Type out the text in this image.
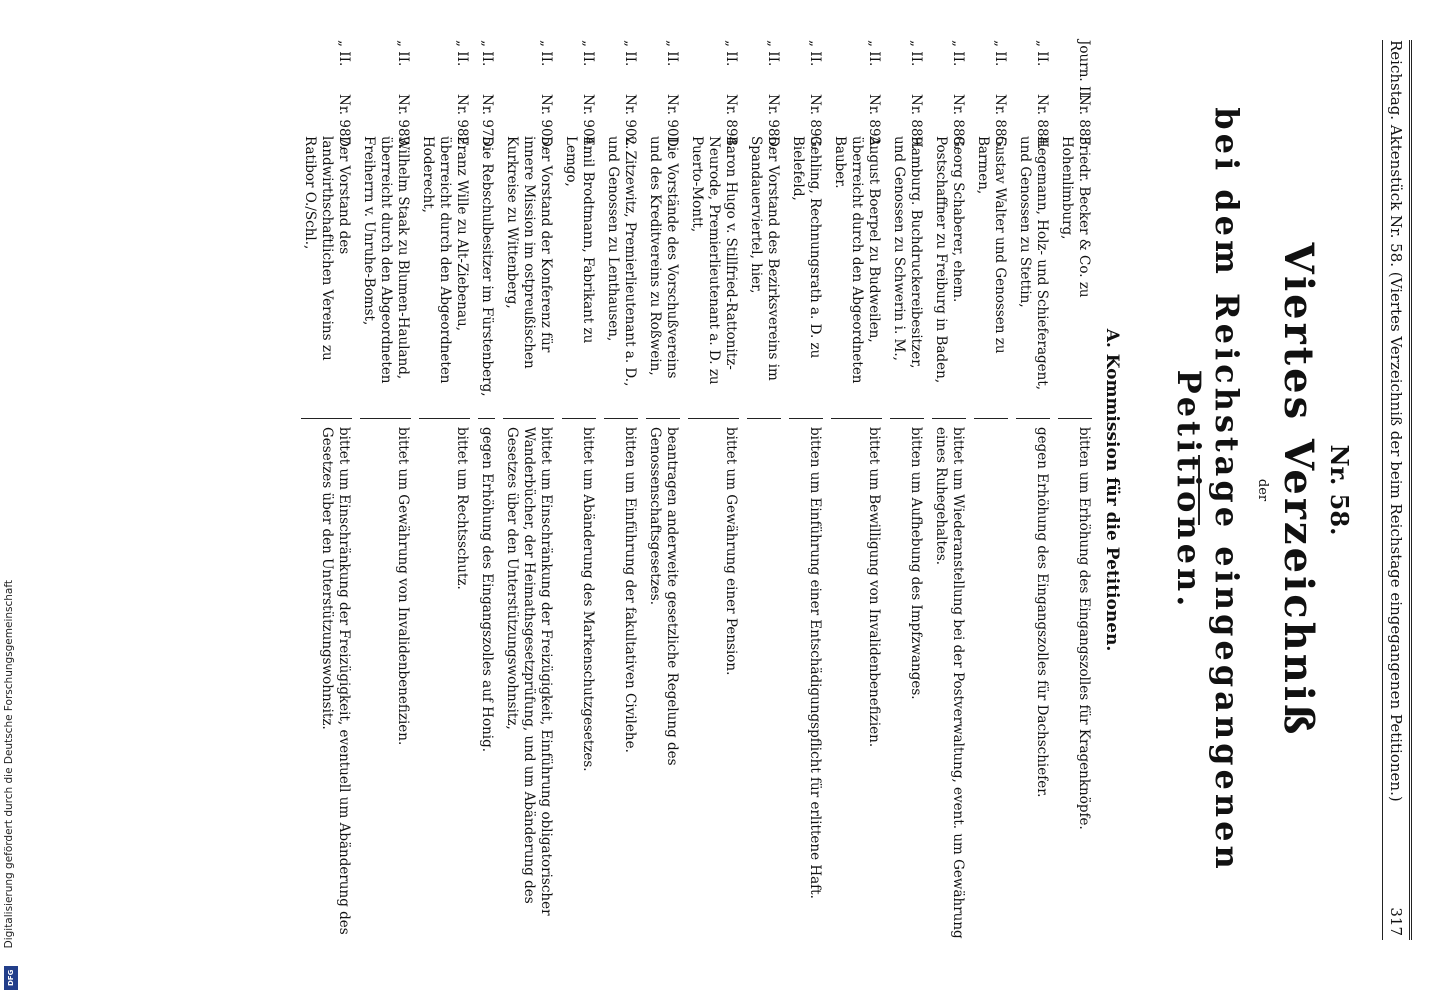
Reichstag. Aktenstück Nr. 58. (Viertes Verzeichniß der beim Reichstage eingegangenen Petitionen.)
317
Nr. 58.
Viertes Verzeichniß
der
bei dem Reichstage eingegangenen Petitionen.
A. Kommission für die Petitionen.
Journ. II.Nr. 883.
Friedr. Becker & Co. zu Hohenlimburg,
bitten um Erhöhung des Eingangszolles für Kragenknöpfe.
„ II.Nr. 884.
Hegemann, Holz- und Schieferagent, und Genossen zu Stettin,
gegen Erhöhung des Eingangszolles für Dachschiefer.
„ II.Nr. 885.
Gustav Walter und Genossen zu Barmen,
„ II.Nr. 888.
Georg Schaberer, ehem. Postschaffner zu Freiburg in Baden,
bittet um Wiederanstellung bei der Postverwaltung, event. um Gewährung eines Ruhegehaltes.
„ II.Nr. 889.
Hamburg. Buchdruckereibesitzer, und Genossen zu Schwerin i. M.,
bitten um Aufhebung des Impfzwanges.
„ II.Nr. 892.
August Boerpel zu Budweilen, überreicht durch den Abgeordneten Bauber.
bittet um Bewilligung von Invalidenbenefizien.
„ II.Nr. 893.
Gehling, Rechnungsrath a. D. zu Bielefeld,
bitten um Einführung einer Entschädigungspflicht für erlittene Haft.
„ II.Nr. 986.
Der Vorstand des Bezirksvereins im Spandauerviertel, hier,
„ II.Nr. 894.
Baron Hugo v. Stillfried-Rattonitz-Neurode, Premierlieutenant a. D. zu Puerto-Montt,
bittet um Gewährung einer Pension.
„ II.Nr. 901.
Die Vorstände des Vorschußvereins und des Kreditvereins zu Roßwein,
beantragen anderweite gesetzliche Regelung des Genossenschaftsgesetzes.
„ II.Nr. 902.
v. Zitzewitz, Premierlieutenant a. D., und Genossen zu Lenthausen,
bitten um Einführung der fakultativen Civilehe.
„ II.Nr. 904.
Emil Brodtmann, Fabrikant zu Lemgo,
bittet um Abänderung des Markenschutzgesetzes.
„ II.Nr. 905.
Der Vorstand der Konferenz für innere Mission im ostpreußischen Kurkreise zu Wittenberg,
bittet um Einschränkung der Freizügigkeit, Einführung obligatorischer Wanderbücher, der Heimathsgesetzprüfung, und um Abänderung des Gesetzes über den Unterstützungswohnsitz,
„ II.Nr. 975.
Die Rebschulbesitzer im Fürstenberg,
gegen Erhöhung des Eingangszolles auf Honig.
„ II.Nr. 982.
Franz Wille zu Alt-Ziebenau, überreicht durch den Abgeordneten Hoderecht,
bittet um Rechtsschutz.
„ II.Nr. 983.
Wilhelm Staak zu Blumen-Hauland, überreicht durch den Abgeordneten Freiherrn v. Unruhe-Bomst,
bittet um Gewährung von Invalidenbenefizien.
„ II.Nr. 987.
Der Vorstand des landwirthschaftlichen Vereins zu Ratibor O./Schl.,
bittet um Einschränkung der Freizügigkeit, eventuell um Abänderung des Gesetzes über den Unterstützungswohnsitz.
Digitalisierung gefördert durch die Deutsche Forschungsgemeinschaft
DFG
